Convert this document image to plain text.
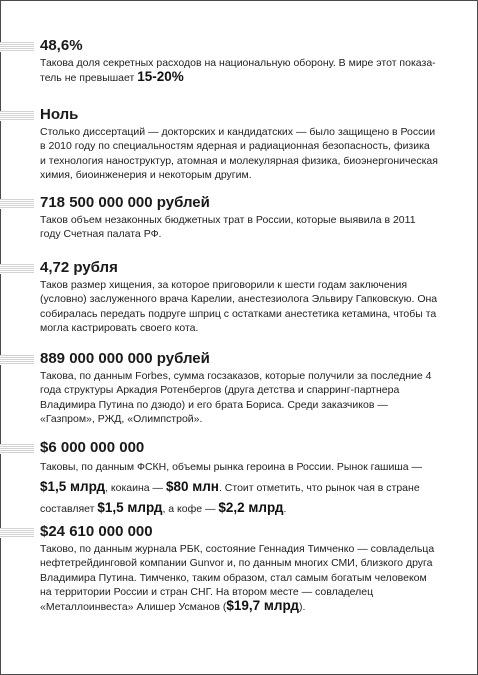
48,6%
Такова доля секретных расходов на национальную оборону. В мире этот показа-
тель не превышает 15-20%
Ноль
Столько диссертаций — докторских и кандидатских — было защищено в России в 2010 году по специальностям ядерная и радиационная безопасность, физика и технология наноструктур, атомная и молекулярная физика, биоэнергоническая химия, биоинженерия и некоторым другим.
718 500 000 000 рублей
Таков объем незаконных бюджетных трат в России, которые выявила в 2011 году Счетная палата РФ.
4,72 рубля
Таков размер хищения, за которое приговорили к шести годам заключения (условно) заслуженного врача Карелии, анестезиолога Эльвиру Гапковскую. Она собиралась передать подруге шприц с остатками анестетика кетамина, чтобы та могла кастрировать своего кота.
889 000 000 000 рублей
Такова, по данным Forbes, сумма госзаказов, которые получили за последние 4 года структуры Аркадия Ротенбергов (друга детства и спарринг-партнера Владимира Путина по дзюдо) и его брата Бориса. Среди заказчиков — «Газпром», РЖД, «Олимпстрой».
$6 000 000 000
Таковы, по данным ФСКН, объемы рынка героина в России. Рынок гашиша — $1,5 млрд, кокаина — $80 млн. Стоит отметить, что рынок чая в стране составляет $1,5 млрд, а кофе — $2,2 млрд.
$24 610 000 000
Таково, по данным журнала РБК, состояние Геннадия Тимченко — совладельца нефтетрейдинговой компании Gunvor и, по данным многих СМИ, близкого друга Владимира Путина. Тимченко, таким образом, стал самым богатым человеком на территории России и стран СНГ. На втором месте — совладелец «Металлоинвеста» Алишер Усманов ($19,7 млрд).
